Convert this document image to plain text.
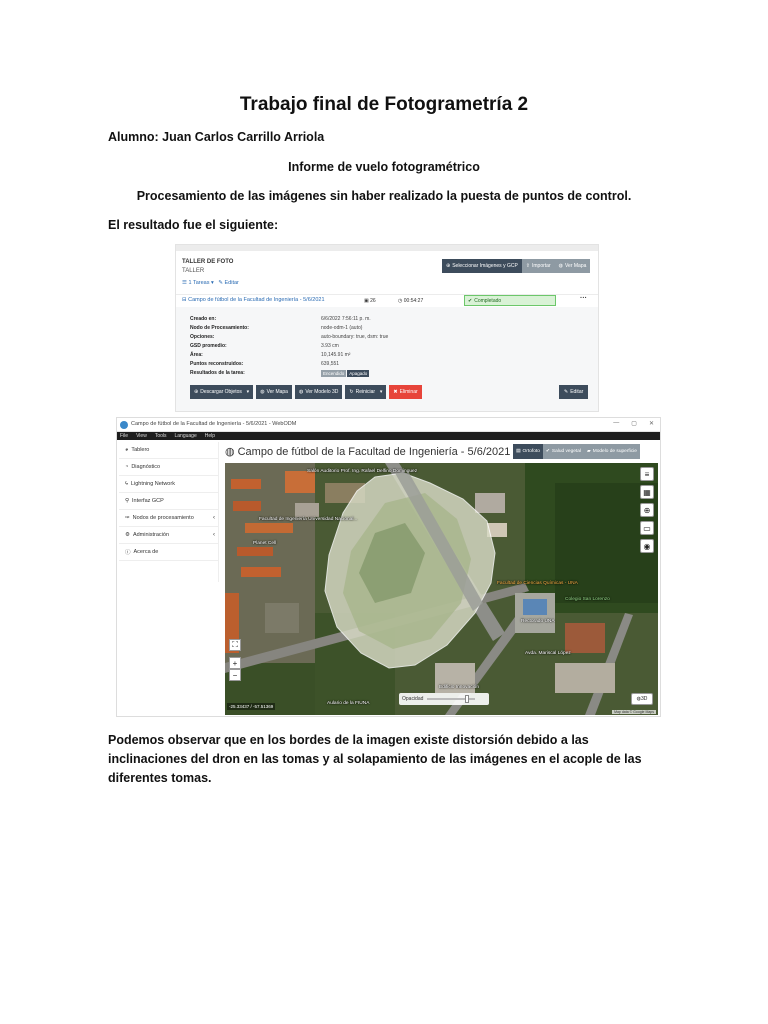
Trabajo final de Fotogrametría 2
Alumno: Juan Carlos Carrillo Arriola
Informe de vuelo fotogramétrico
Procesamiento de las imágenes sin haber realizado la puesta de puntos de control.
El resultado fue el siguiente:
TALLER DE FOTO
TALLER
☰ 1 Tareas ▾ ✎ Editar
⊕ Seleccionar Imágenes y GCP ⇪ Importar ◍ Ver Mapa
⊟ Campo de fútbol de la Facultad de Ingeniería - 5/6/2021	▣ 26	◷ 00:54:27	✔ Completado	···
Creado en:	6/6/2022 7:56:11 p. m.
Nodo de Procesamiento:	node-odm-1 (auto)
Opciones:	auto-boundary: true, dsm: true
GSD promedio:	3.93 cm
Área:	10,145.91 m²
Puntos reconstruidos:	639,551
Resultados de la tarea:	Encendido Apagado
⊕ Descargar Objetos ▾ ◍ Ver Mapa ◍ Ver Modelo 3D ↻ Reiniciar ▾ ✖ Eliminar	✎ Editar
Campo de fútbol de la Facultad de Ingeniería - 5/6/2021 - WebODM	— ▢ ✕
File View Tools Language Help
◕ Tablero
◔ Diagnóstico
ϟ Lightning Network
⚲ Interfaz GCP
✑ Nodos de procesamiento	‹
⚙ Administración	‹
ⓘ Acerca de
◍ Campo de fútbol de la Facultad de Ingeniería - 5/6/2021 ▤ Ortofoto ✔ Salud vegetal ▰ Modelo de superficie
Salón Auditorio Prof. Ing. Rafael Delfino Dominguez
Facultad de Ingeniería Universidad Nacional...
Planet Cell
Facultad de Ciencias Químicas - UNA
Colegio San Lorenzo
Rectorado UNA
Aulario de la FIUNA
Edificio Innovación
Avda. Mariscal López
≡
▦
⊕
▭
◉
⛶
+
−
Opacidad
-25.33437 / -57.51369
◍ 3D
Map data © Google Maps
Podemos observar que en los bordes de la imagen existe distorsión debido a las inclinaciones del dron en las tomas y al solapamiento de las imágenes en el acople de las diferentes tomas.
